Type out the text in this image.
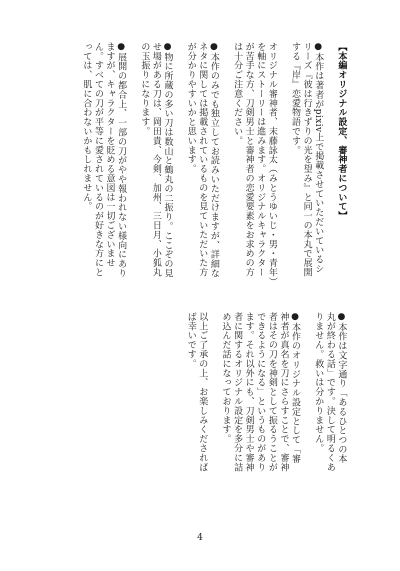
【本編オリジナル設定、審神者について】

●本作は著者がpixiv上で掲載させていただいているシリーズ『彼は行きずりの光を望み』と同一の本丸で展開する『岸』恋愛物語です。

オリジナル審神者、末藤詠太（みとうゆいじ・男・青年）を軸にストーリーは進みます。オリジナルキャラクターが苦手な方、刀剣男士と審神者の恋愛要素をお求めの方は十分ご注意ください。

●本作のみでも独立してお読みいただけますが、詳細なネタに関しては掲載されているものを見ていただいた方が分かりやすいかと思います。

●物に所蔵の多い刀は数山と鶴丸の二振り。ここぞの見せ場がある刀は、岡田貴、今剣、加州、三日月、小狐丸の玉振りになります。

●展開の都合上、一部の刀がやや報われない様向にありますが、キャラクターを貶める意図は一切ございません。すべての刀が平等に愛されているのが好きな方にとっては、肌に合わないかもしれません。

●本作は文字通り「あるひとつの本丸が終わる話」です。決して明るくありません。救いは分かりません。

●本作のオリジナル設定として「審神者が真名を刀にさらすことで、審神者はその刀を神剣として振るうことができるようになる」というものがあります。それ以外にも、刀剣男士や審神者に関するオリジナル設定を多分に詰め込んだ話になっております。

以上ご了承の上、お楽しみくださればば幸いです。

4
